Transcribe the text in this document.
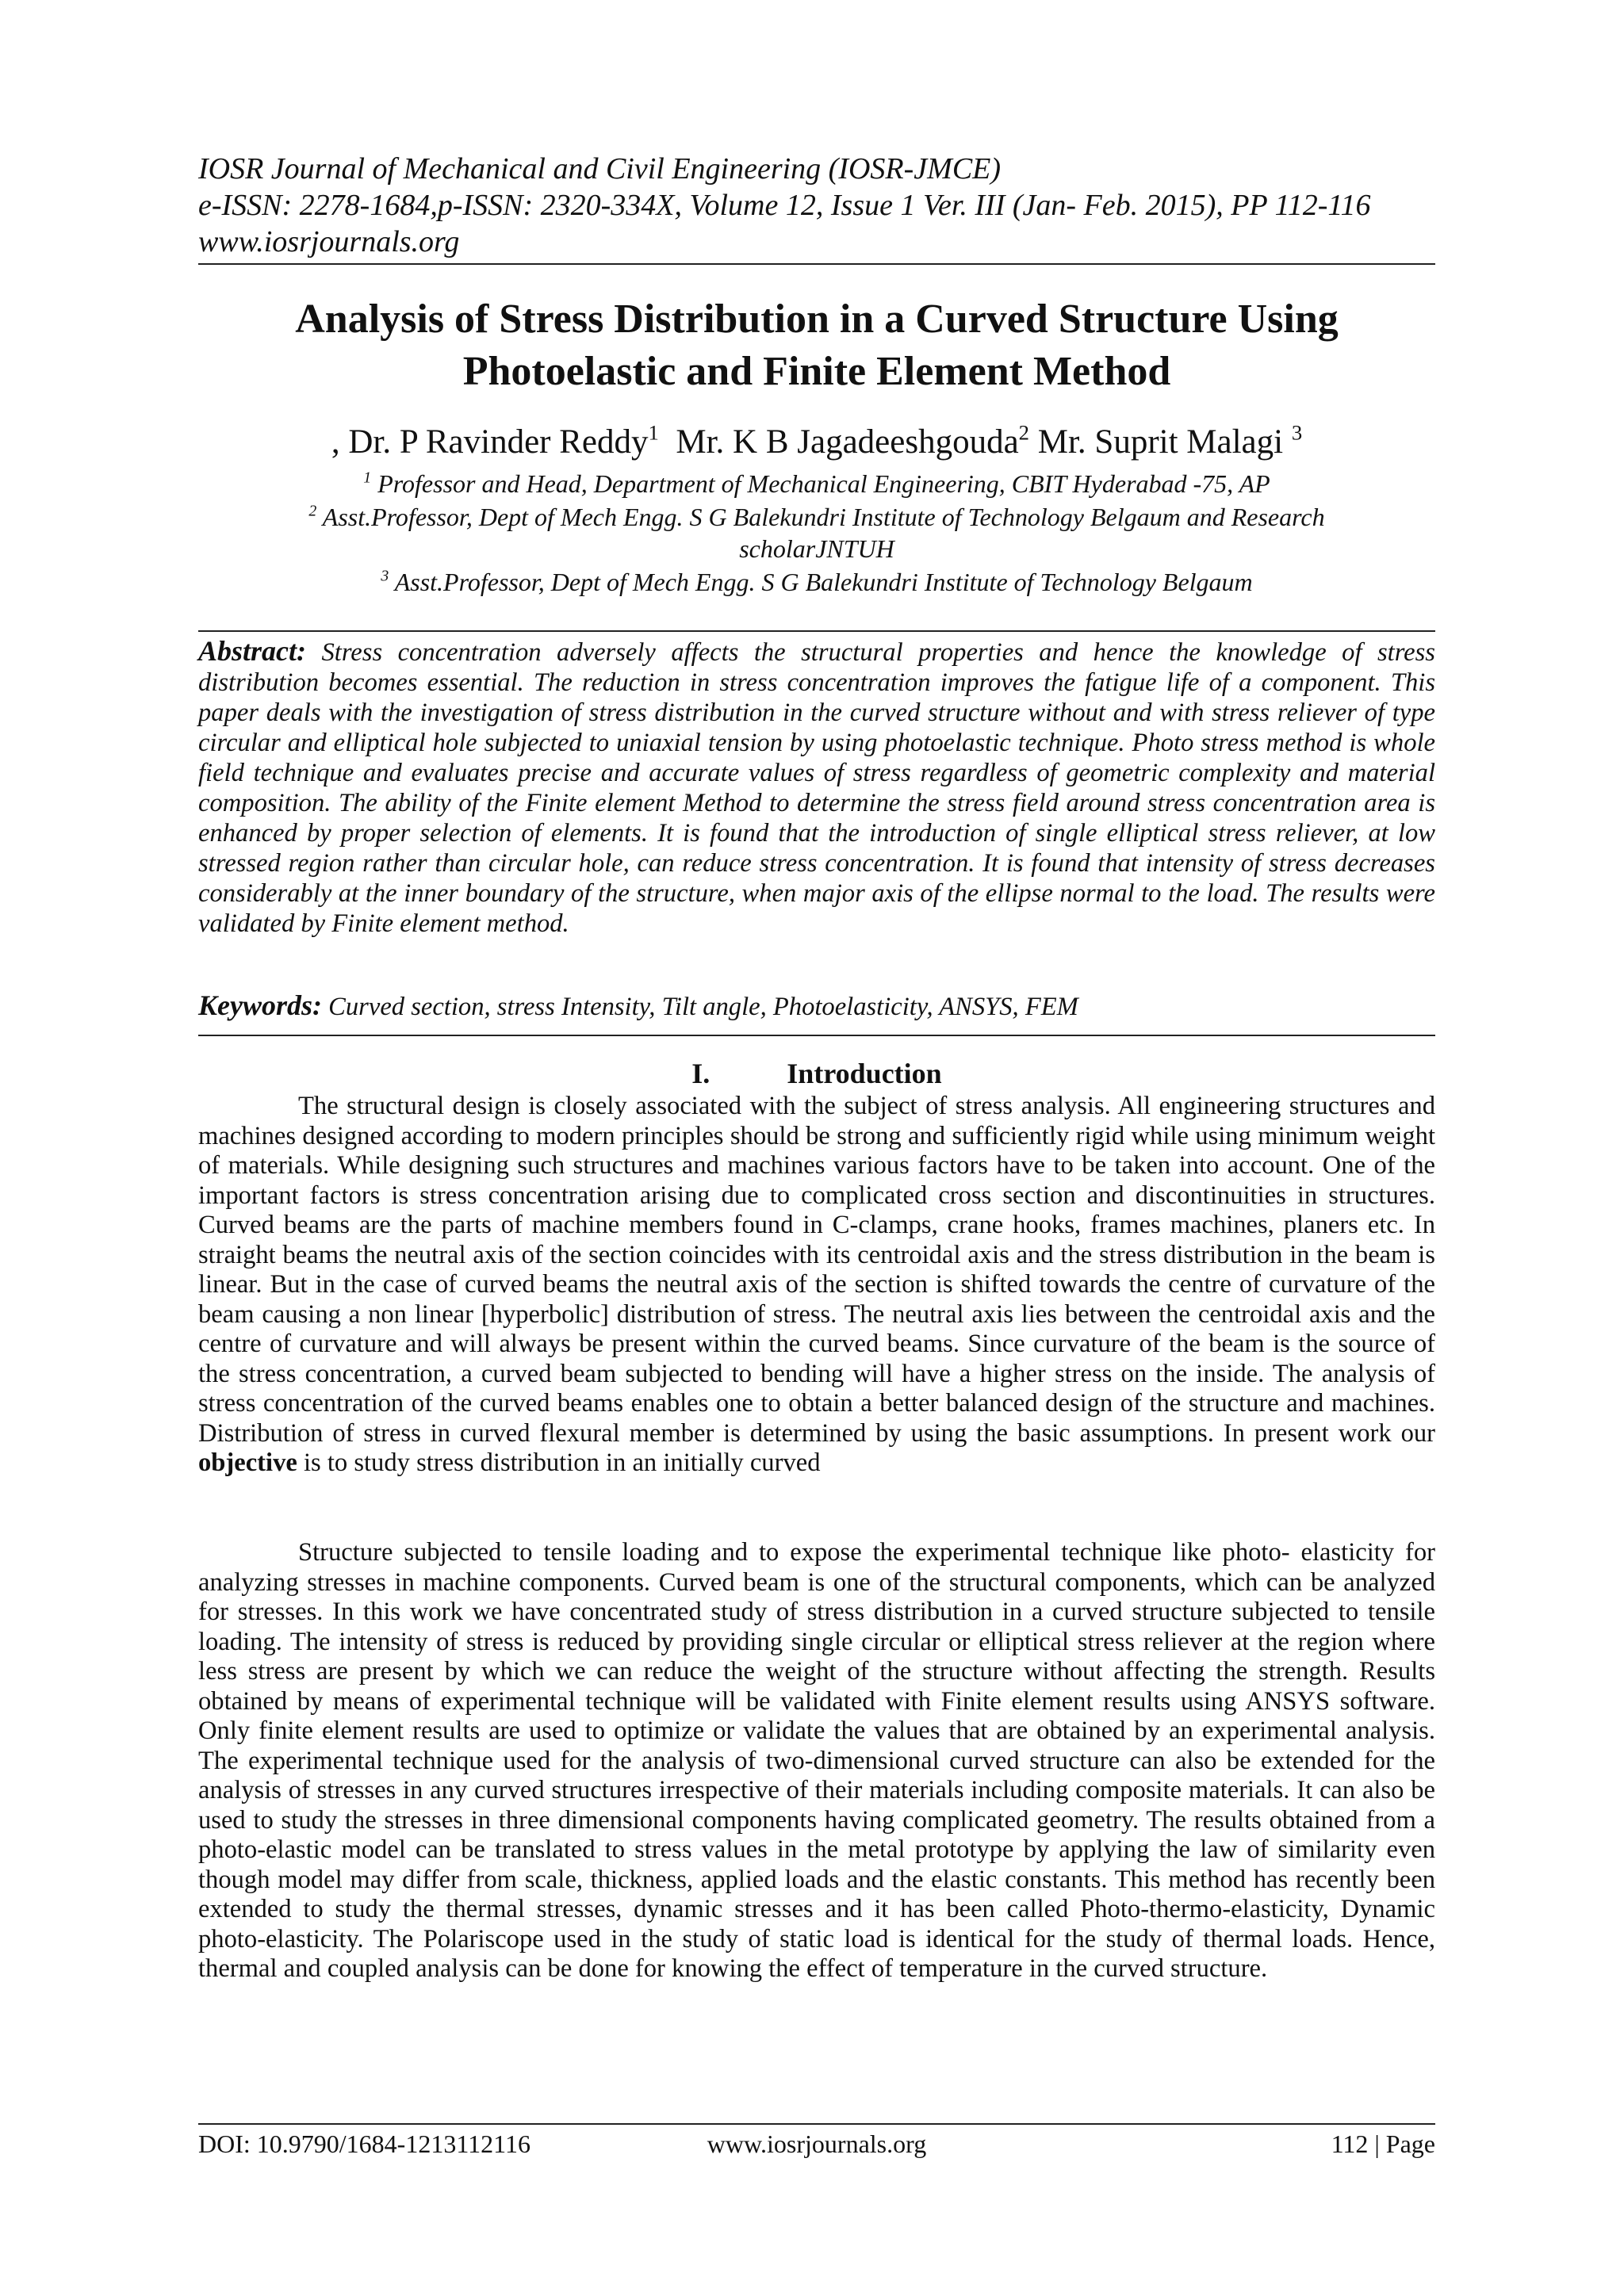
IOSR Journal of Mechanical and Civil Engineering (IOSR-JMCE)
e-ISSN: 2278-1684,p-ISSN: 2320-334X, Volume 12, Issue 1 Ver. III (Jan- Feb. 2015), PP 112-116
www.iosrjournals.org
Analysis of Stress Distribution in a Curved Structure Using
Photoelastic and Finite Element Method
, Dr. P Ravinder Reddy$^1$ Mr. K B Jagadeeshgouda$^2$ Mr. Suprit Malagi $^3$
$^1$ Professor and Head, Department of Mechanical Engineering, CBIT Hyderabad -75, AP
$^2$ Asst.Professor, Dept of Mech Engg. S G Balekundri Institute of Technology Belgaum and Research
scholarJNTUH
$^3$ Asst.Professor, Dept of Mech Engg. S G Balekundri Institute of Technology Belgaum
Abstract: Stress concentration adversely affects the structural properties and hence the knowledge of stress distribution becomes essential. The reduction in stress concentration improves the fatigue life of a component. This paper deals with the investigation of stress distribution in the curved structure without and with stress reliever of type circular and elliptical hole subjected to uniaxial tension by using photoelastic technique. Photo stress method is whole field technique and evaluates precise and accurate values of stress regardless of geometric complexity and material composition. The ability of the Finite element Method to determine the stress field around stress concentration area is enhanced by proper selection of elements. It is found that the introduction of single elliptical stress reliever, at low stressed region rather than circular hole, can reduce stress concentration. It is found that intensity of stress decreases considerably at the inner boundary of the structure, when major axis of the ellipse normal to the load. The results were validated by Finite element method.
Keywords: Curved section, stress Intensity, Tilt angle, Photoelasticity, ANSYS, FEM
I.	Introduction

The structural design is closely associated with the subject of stress analysis. All engineering structures and machines designed according to modern principles should be strong and sufficiently rigid while using minimum weight of materials. While designing such structures and machines various factors have to be taken into account. One of the important factors is stress concentration arising due to complicated cross section and discontinuities in structures. Curved beams are the parts of machine members found in C-clamps, crane hooks, frames machines, planers etc. In straight beams the neutral axis of the section coincides with its centroidal axis and the stress distribution in the beam is linear. But in the case of curved beams the neutral axis of the section is shifted towards the centre of curvature of the beam causing a non linear [hyperbolic] distribution of stress. The neutral axis lies between the centroidal axis and the centre of curvature and will always be present within the curved beams. Since curvature of the beam is the source of the stress concentration, a curved beam subjected to bending will have a higher stress on the inside. The analysis of stress concentration of the curved beams enables one to obtain a better balanced design of the structure and machines. Distribution of stress in curved flexural member is determined by using the basic assumptions. In present work our objective is to study stress distribution in an initially curved

Structure subjected to tensile loading and to expose the experimental technique like photo- elasticity for analyzing stresses in machine components. Curved beam is one of the structural components, which can be analyzed for stresses. In this work we have concentrated study of stress distribution in a curved structure subjected to tensile loading. The intensity of stress is reduced by providing single circular or elliptical stress reliever at the region where less stress are present by which we can reduce the weight of the structure without affecting the strength. Results obtained by means of experimental technique will be validated with Finite element results using ANSYS software. Only finite element results are used to optimize or validate the values that are obtained by an experimental analysis. The experimental technique used for the analysis of two-dimensional curved structure can also be extended for the analysis of stresses in any curved structures irrespective of their materials including composite materials. It can also be used to study the stresses in three dimensional components having complicated geometry. The results obtained from a photo-elastic model can be translated to stress values in the metal prototype by applying the law of similarity even though model may differ from scale, thickness, applied loads and the elastic constants. This method has recently been extended to study the thermal stresses, dynamic stresses and it has been called Photo-thermo-elasticity, Dynamic photo-elasticity. The Polariscope used in the study of static load is identical for the study of thermal loads. Hence, thermal and coupled analysis can be done for knowing the effect of temperature in the curved structure.

DOI: 10.9790/1684-1213112116	www.iosrjournals.org	112 | Page
